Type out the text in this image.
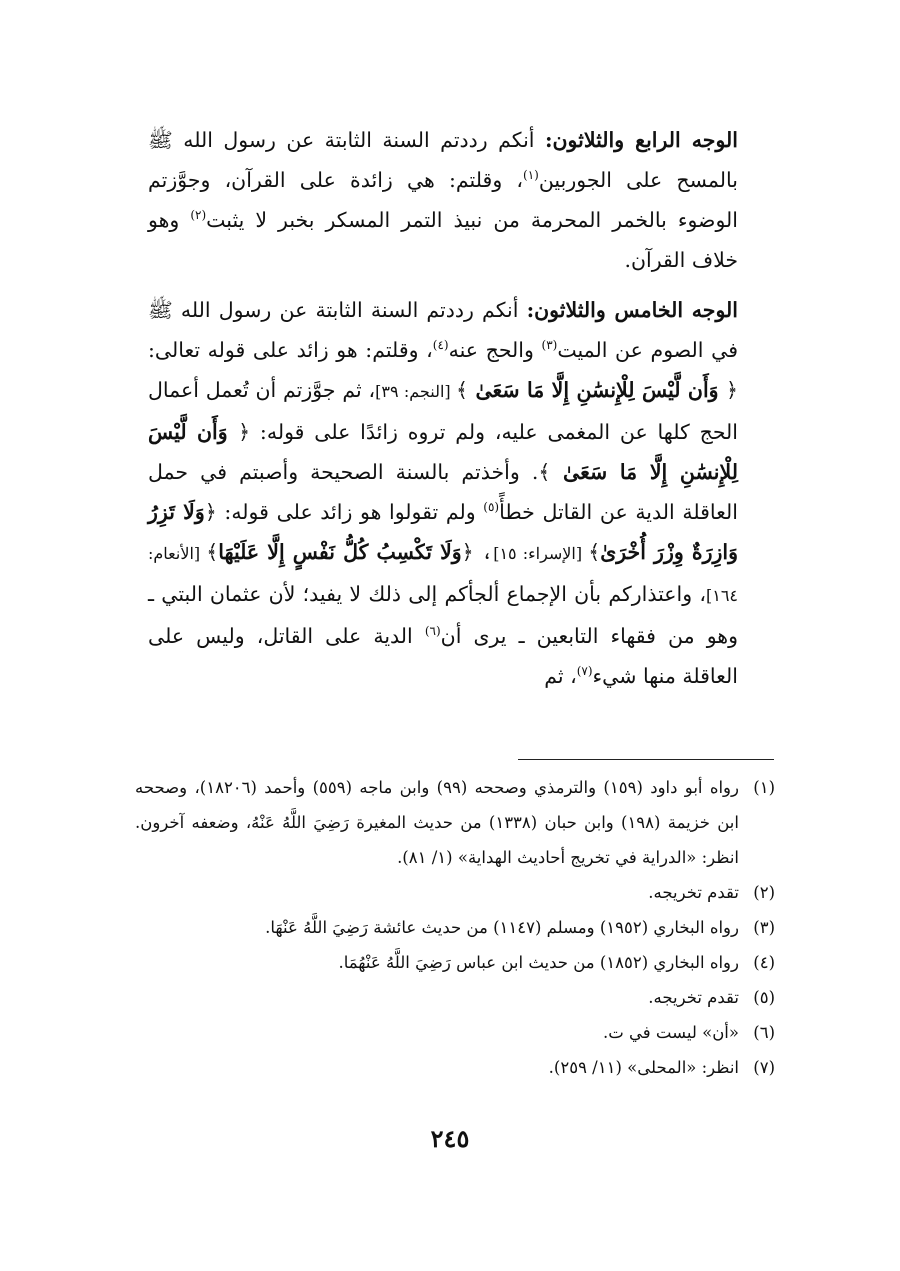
الوجه الرابع والثلاثون: أنكم رددتم السنة الثابتة عن رسول الله ﷺ بالمسح على الجوربين$^{(١)}$، وقلتم: هي زائدة على القرآن، وجوَّزتم الوضوء بالخمر المحرمة من نبيذ التمر المسكر بخبر لا يثبت$^{(٢)}$ وهو خلاف القرآن.

الوجه الخامس والثلاثون: أنكم رددتم السنة الثابتة عن رسول الله ﷺ في الصوم عن الميت$^{(٣)}$ والحج عنه$^{(٤)}$، وقلتم: هو زائد على قوله تعالى: ﴿ وَأَن لَّيْسَ لِلْإِنسَٰنِ إِلَّا مَا سَعَىٰ ﴾ [النجم: ٣٩]، ثم جوَّزتم أن تُعمل أعمال الحج كلها عن المغمى عليه، ولم تروه زائدًا على قوله: ﴿ وَأَن لَّيْسَ لِلْإِنسَٰنِ إِلَّا مَا سَعَىٰ ﴾. وأخذتم بالسنة الصحيحة وأصبتم في حمل العاقلة الدية عن القاتل خطأً$^{(٥)}$ ولم تقولوا هو زائد على قوله: ﴿وَلَا تَزِرُ وَازِرَةٌ وِزْرَ أُخْرَىٰ﴾ [الإسراء: ١٥]، ﴿وَلَا تَكْسِبُ كُلُّ نَفْسٍ إِلَّا عَلَيْهَا﴾ [الأنعام: ١٦٤]، واعتذاركم بأن الإجماع ألجأكم إلى ذلك لا يفيد؛ لأن عثمان البتي ـ وهو من فقهاء التابعين ـ يرى أن$^{(٦)}$ الدية على القاتل، وليس على العاقلة منها شيء$^{(٧)}$، ثم

(١)
رواه أبو داود (١٥٩) والترمذي وصححه (٩٩) وابن ماجه (٥٥٩) وأحمد (١٨٢٠٦)، وصححه ابن خزيمة (١٩٨) وابن حبان (١٣٣٨) من حديث المغيرة رَضِيَ اللَّهُ عَنْهُ، وضعفه آخرون. انظر: «الدراية في تخريج أحاديث الهداية» (١/ ٨١).
(٢)
تقدم تخريجه.
(٣)
رواه البخاري (١٩٥٢) ومسلم (١١٤٧) من حديث عائشة رَضِيَ اللَّهُ عَنْهَا.
(٤)
رواه البخاري (١٨٥٢) من حديث ابن عباس رَضِيَ اللَّهُ عَنْهُمَا.
(٥)
تقدم تخريجه.
(٦)
«أن» ليست في ت.
(٧)
انظر: «المحلى» (١١/ ٢٥٩).
٢٤٥
